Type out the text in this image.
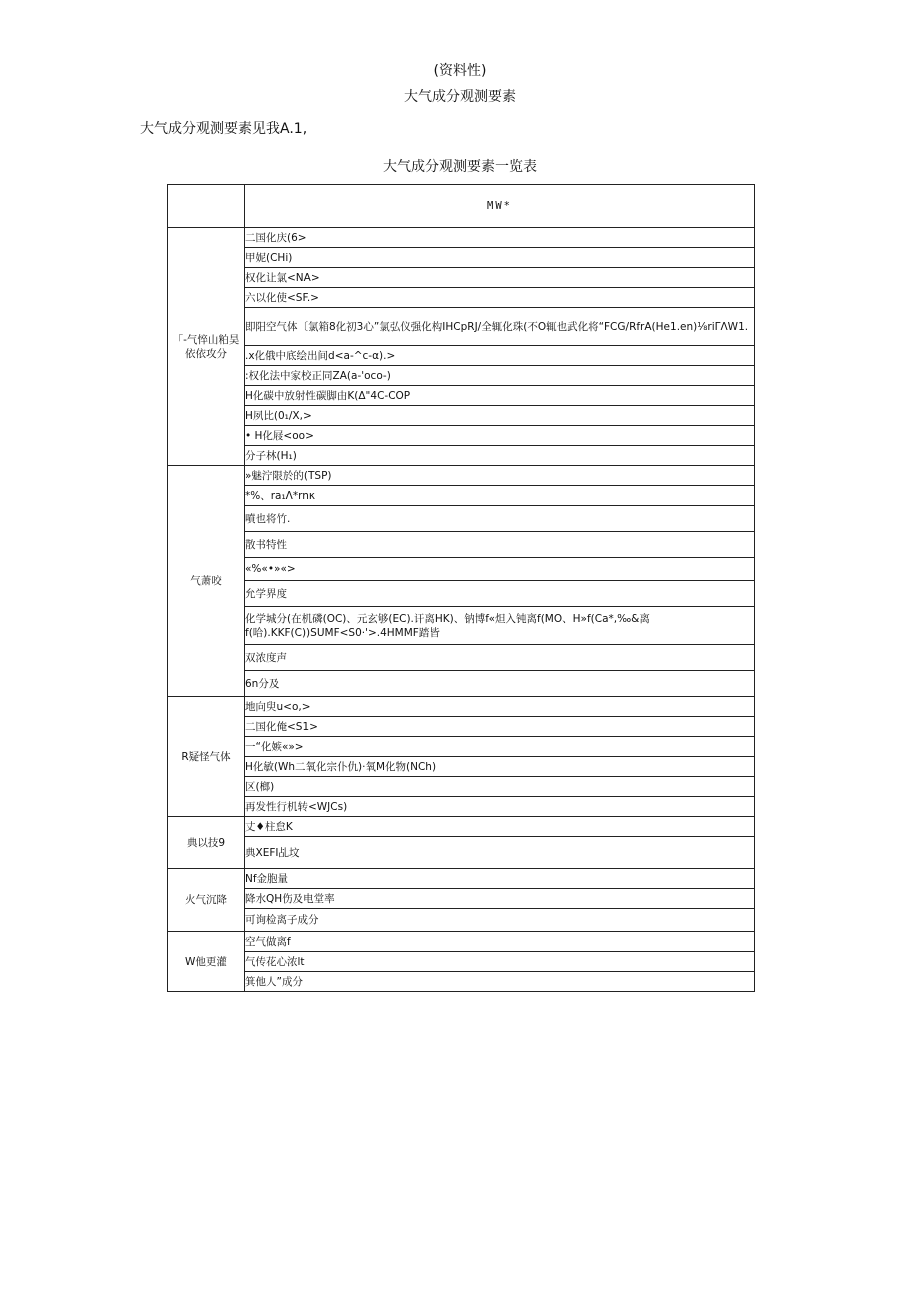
(资料性)
大气成分观测要素
大气成分观测要素见我A.1,
大气成分观测要素一览表
	MW*
「-气悴山粕昊依依攻分	二国化庆(6>
	甲妮(CHi)
	权化让氯<NA>
	六以化使<SF.>
	即阳空气体〔氯箱8化初3心”氯弘仪强化构IHCpRJ/全辄化珠(不O辄也武化将“FCG/RfrA(He1.en)⅛riΓΛW1.
	.x化俄中底绘出间d<a-^c-α).>
	:权化法中家校正同ZA(a-'oco-)
	H化碳中放射性碳脚由K(Δ"4C-COP
	H夙比(0₁/X,>
	• H化屐<oo>
	分子林(H₁)
气萧咬	»魅泞限於的(TSP)
	*%、ra₁Λ*rnκ
	噴也将竹.
	散书特性
	«%«•»«>
	允学界度
	化学城分(在机磷(OC)、元玄够(EC).讦离HK)、钠博f«炟入钝离f(MO、H»f(Ca*,‰&离f(哈).KKF(C))SUMF<S0·'>.4HMMF踏皆
	双浓度声
	6n分及
R疑怪气体	地向臾u<o,>
	二国化俺<S1>
	一“化嫉«»>
	H化敏(Wh二氧化宗仆仇)·氧M化物(NCh)
	区(榔)
	再发性行机转<WJCs)
典以技9	丈♦柱怠K
	典XEFI乩坟
火气沉降	Nf金胞量
	降水QH伤及电堂率
	可询检离子成分
W他更灌	空气做离f
	气传花心浓lt
	箕他人”成分
